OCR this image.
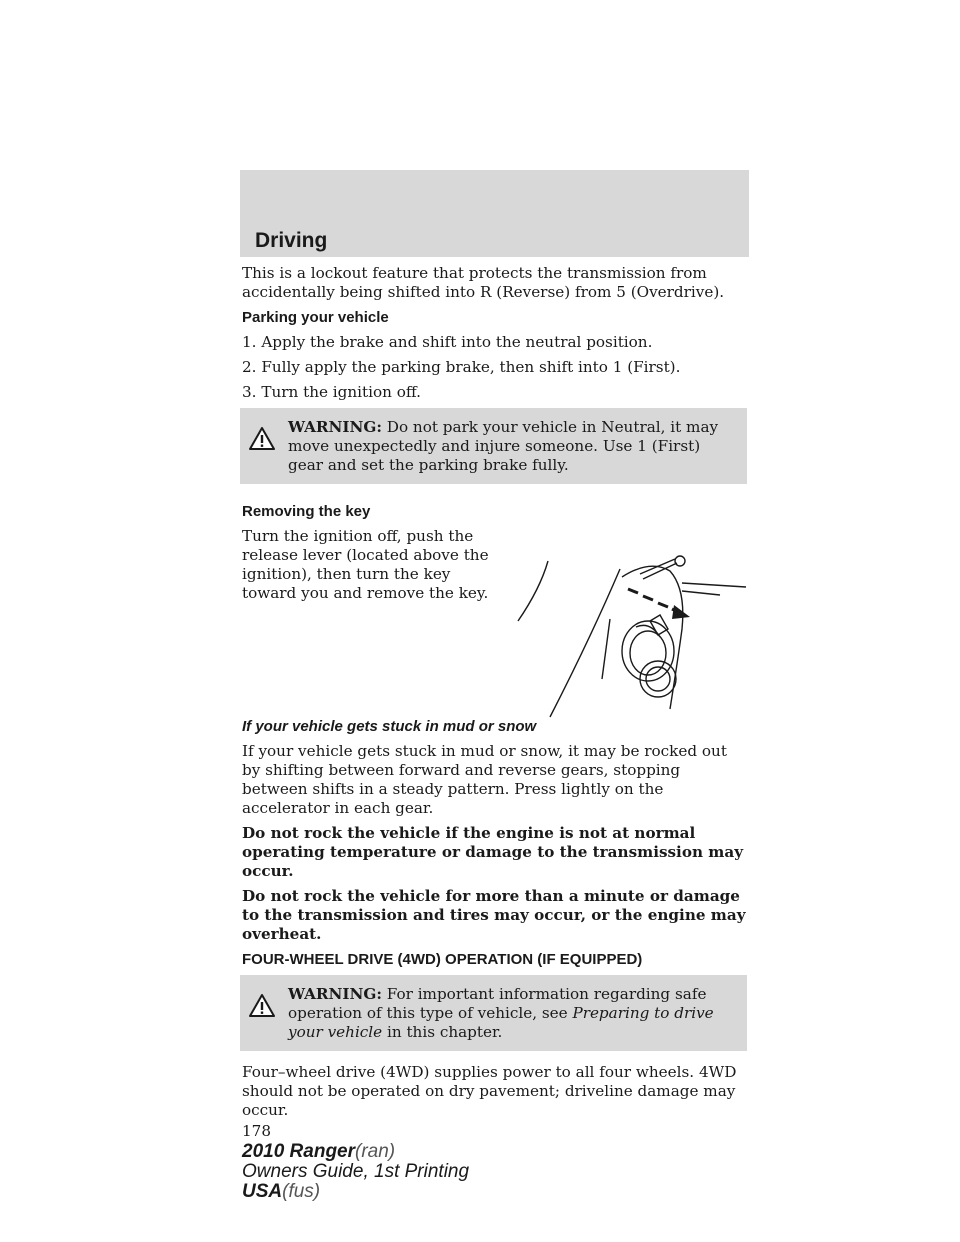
Driving

This is a lockout feature that protects the transmission from accidentally being shifted into R (Reverse) from 5 (Overdrive).

Parking your vehicle

1. Apply the brake and shift into the neutral position.

2. Fully apply the parking brake, then shift into 1 (First).

3. Turn the ignition off.

WARNING: Do not park your vehicle in Neutral, it may move unexpectedly and injure someone. Use 1 (First) gear and set the parking brake fully.
Removing the key

Turn the ignition off, push the release lever (located above the ignition), then turn the key toward you and remove the key.

If your vehicle gets stuck in mud or snow

If your vehicle gets stuck in mud or snow, it may be rocked out by shifting between forward and reverse gears, stopping between shifts in a steady pattern. Press lightly on the accelerator in each gear.

Do not rock the vehicle if the engine is not at normal operating temperature or damage to the transmission may occur.

Do not rock the vehicle for more than a minute or damage to the transmission and tires may occur, or the engine may overheat.

FOUR-WHEEL DRIVE (4WD) OPERATION (IF EQUIPPED)
WARNING: For important information regarding safe operation of this type of vehicle, see Preparing to drive your vehicle in this chapter.

Four–wheel drive (4WD) supplies power to all four wheels. 4WD should not be operated on dry pavement; driveline damage may occur.

178
2010 Ranger(ran)
Owners Guide, 1st Printing
USA(fus)
